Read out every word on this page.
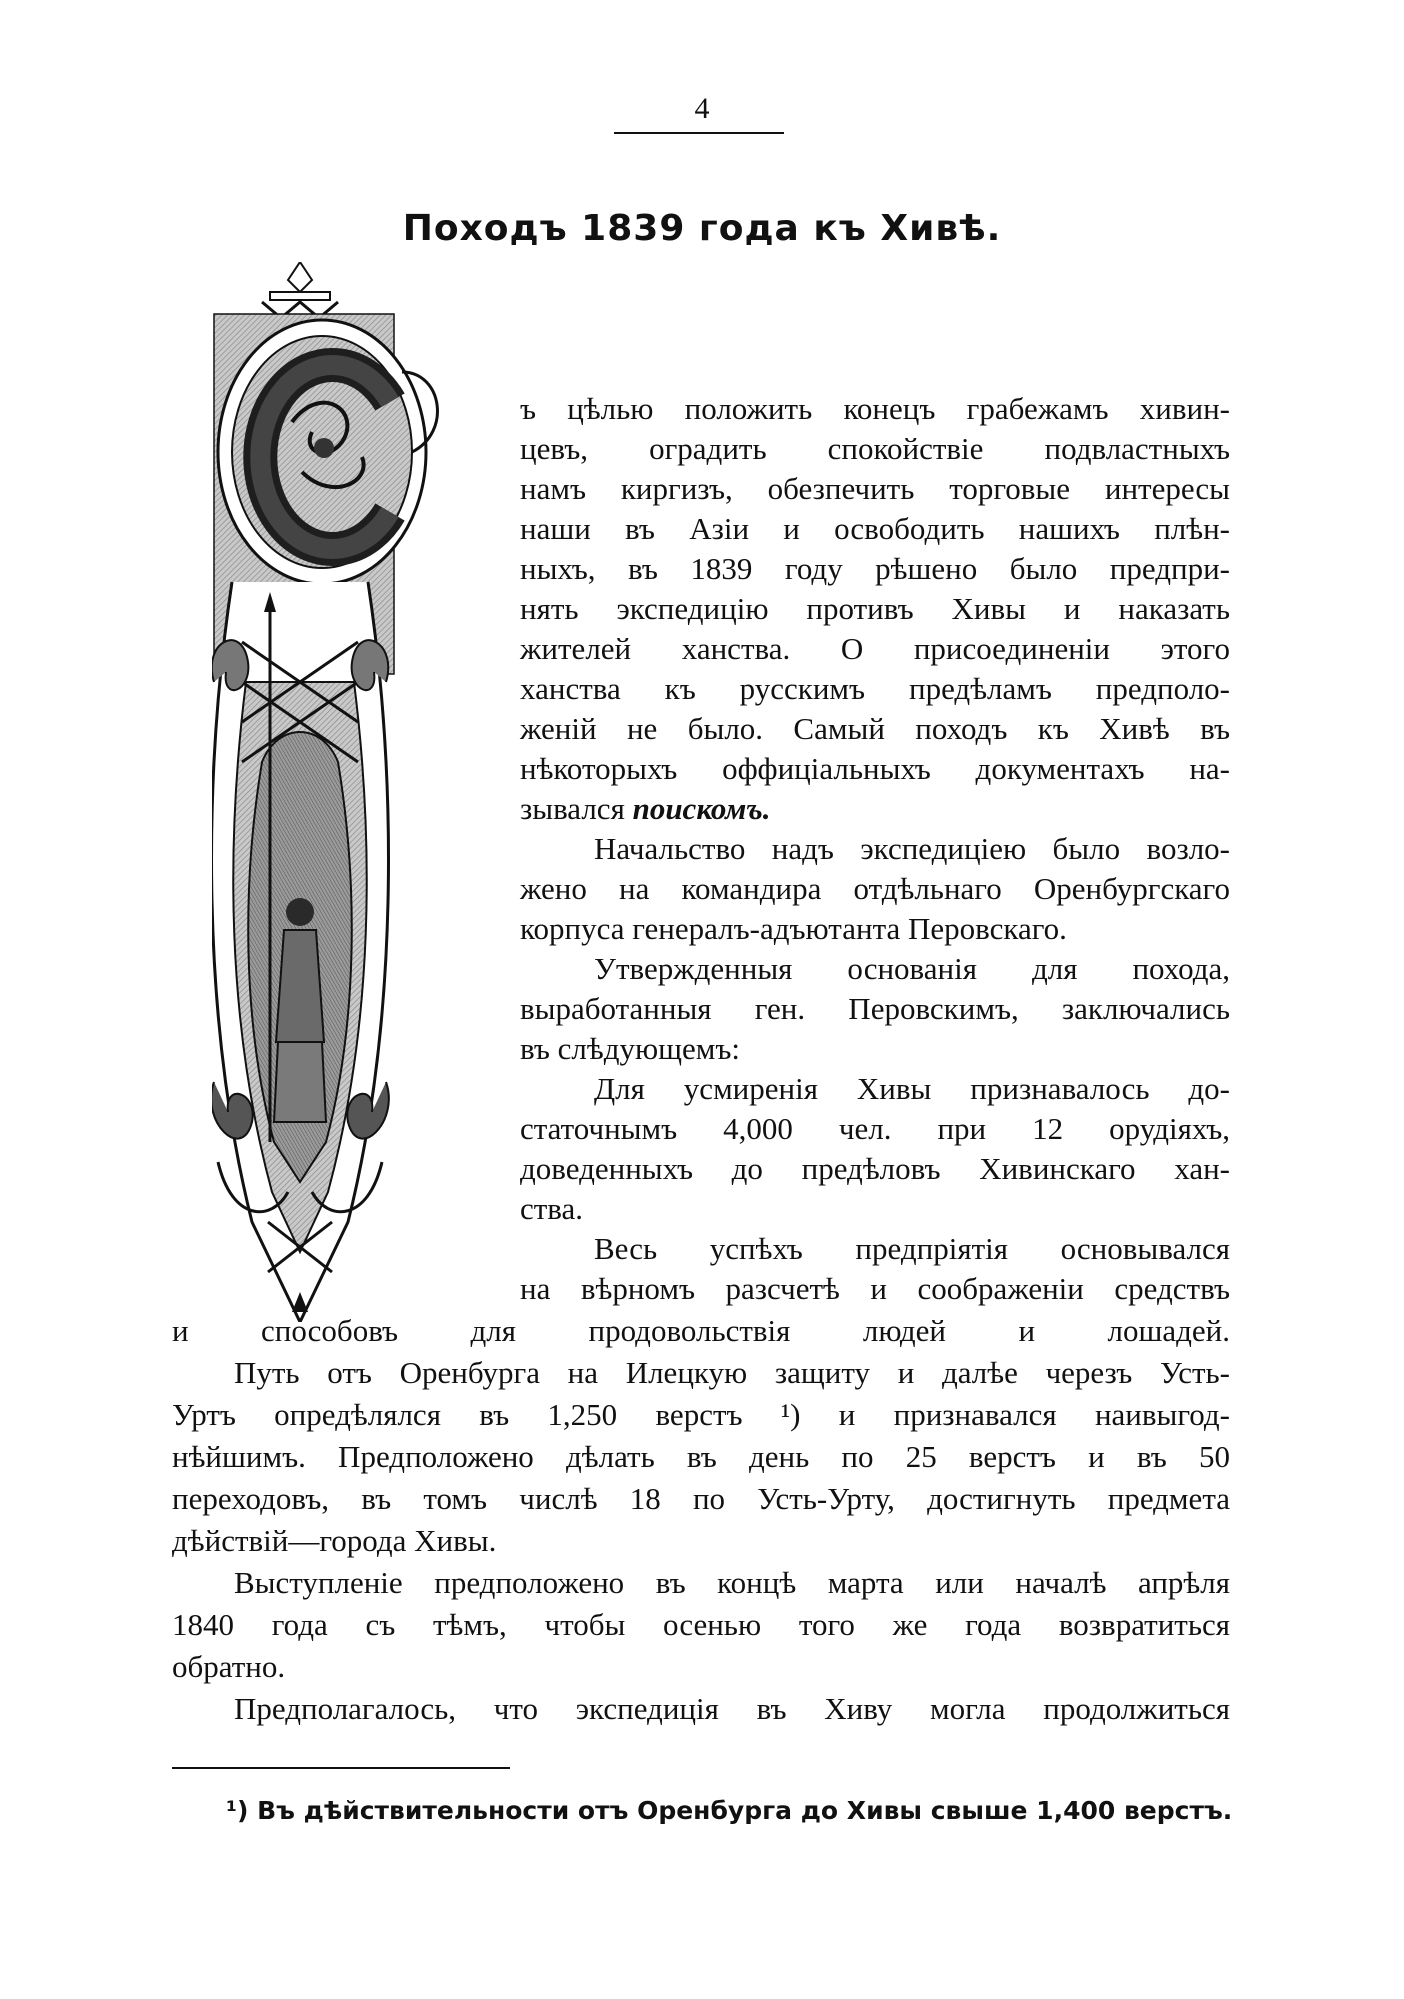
4
Походъ 1839 года къ Хивѣ.
ъ цѣлью положить конецъ грабежамъ хивин-
цевъ, оградить спокойствіе подвластныхъ
намъ киргизъ, обезпечить торговые интересы
наши въ Азіи и освободить нашихъ плѣн-
ныхъ, въ 1839 году рѣшено было предпри-
нять экспедицію противъ Хивы и наказать
жителей ханства. О присоединеніи этого
ханства къ русскимъ предѣламъ предполо-
женій не было. Самый походъ къ Хивѣ въ
нѣкоторыхъ оффиціальныхъ документахъ на-
зывался поискомъ.
Начальство надъ экспедиціею было возло-
жено на командира отдѣльнаго Оренбургскаго
корпуса генералъ-адъютанта Перовскаго.
Утвержденныя основанія для похода,
выработанныя ген. Перовскимъ, заключались
въ слѣдующемъ:
Для усмиренія Хивы признавалось до-
статочнымъ 4,000 чел. при 12 орудіяхъ,
доведенныхъ до предѣловъ Хивинскаго хан-
ства.
Весь успѣхъ предпріятія основывался
на вѣрномъ разсчетѣ и соображеніи средствъ
и способовъ для продовольствія людей и лошадей.
Путь отъ Оренбурга на Илецкую защиту и далѣе черезъ Усть-
Уртъ опредѣлялся въ 1,250 верстъ ¹) и признавался наивыгод-
нѣйшимъ. Предположено дѣлать въ день по 25 верстъ и въ 50
переходовъ, въ томъ числѣ 18 по Усть-Урту, достигнуть предмета
дѣйствій—города Хивы.
Выступленіе предположено въ концѣ марта или началѣ апрѣля
1840 года съ тѣмъ, чтобы осенью того же года возвратиться
обратно.
Предполагалось, что экспедиція въ Хиву могла продолжиться
¹) Въ дѣйствительности отъ Оренбурга до Хивы свыше 1,400 верстъ.
